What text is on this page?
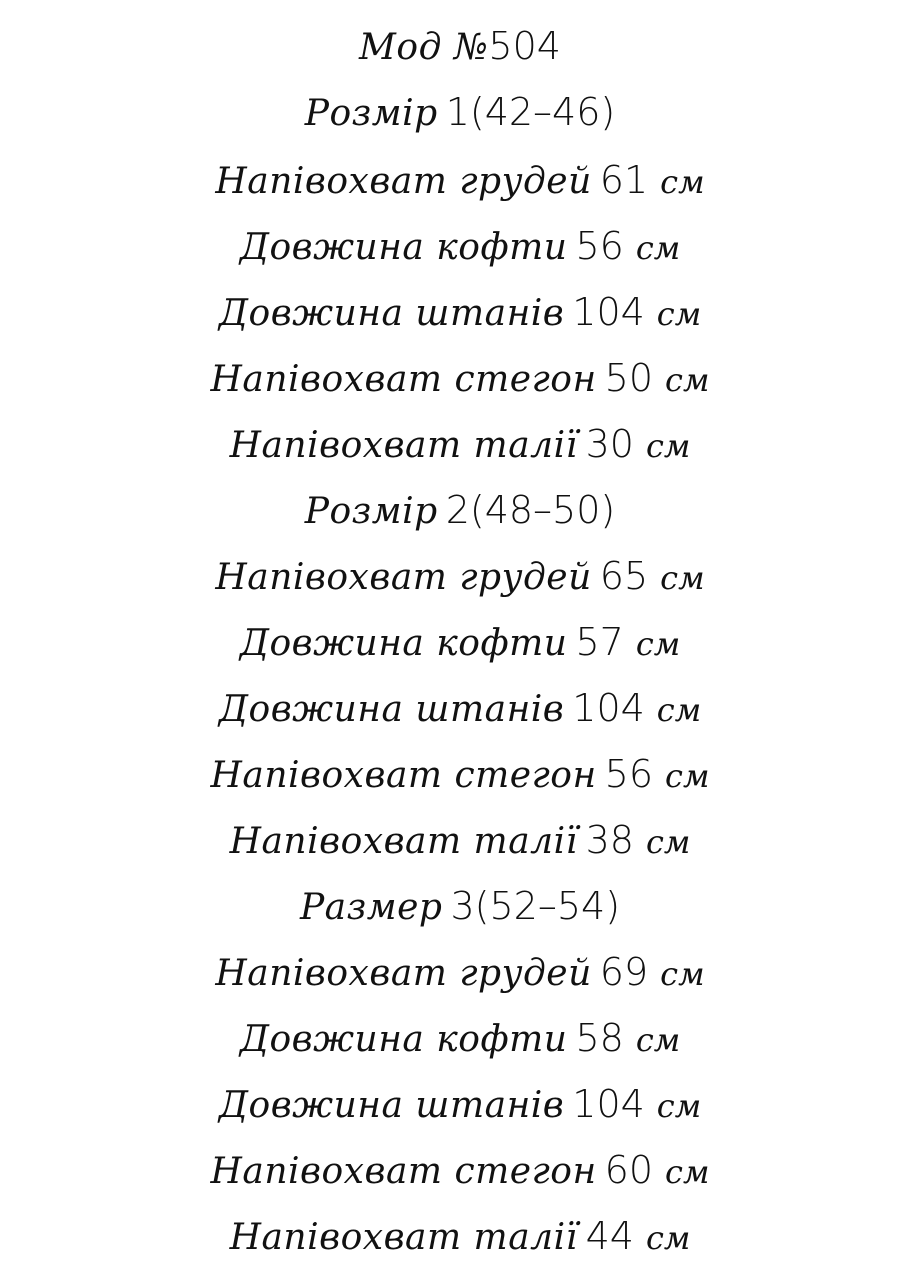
Мод №504
Розмір 1(42–46)
Напівохват грудей 61 см
Довжина кофти 56 см
Довжина штанів 104 см
Напівохват стегон 50 см
Напівохват талії 30 см
Розмір 2(48–50)
Напівохват грудей 65 см
Довжина кофти 57 см
Довжина штанів 104 см
Напівохват стегон 56 см
Напівохват талії 38 см
Размер 3(52–54)
Напівохват грудей 69 см
Довжина кофти 58 см
Довжина штанів 104 см
Напівохват стегон 60 см
Напівохват талії 44 см
